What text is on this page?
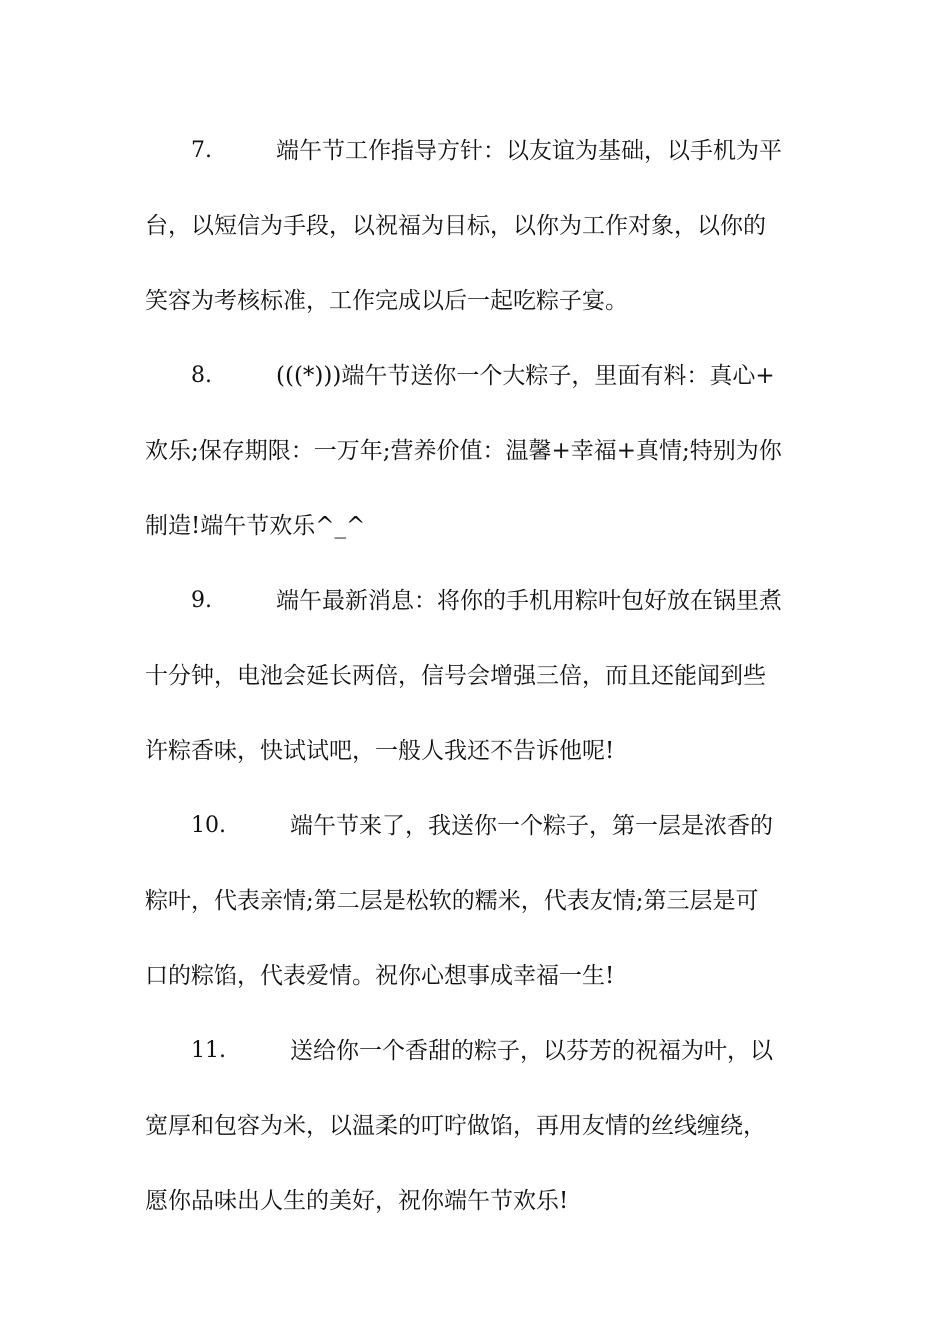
7.	端午节工作指导方针：以友谊为基础，以手机为平
台，以短信为手段，以祝福为目标，以你为工作对象，以你的
笑容为考核标准，工作完成以后一起吃粽子宴。
8.	(((*)))端午节送你一个大粽子，里面有料：真心+
欢乐;保存期限：一万年;营养价值：温馨+幸福+真情;特别为你
制造!端午节欢乐^_^
9.	端午最新消息：将你的手机用粽叶包好放在锅里煮
十分钟，电池会延长两倍，信号会增强三倍，而且还能闻到些
许粽香味，快试试吧，一般人我还不告诉他呢!
10.	端午节来了，我送你一个粽子，第一层是浓香的
粽叶，代表亲情;第二层是松软的糯米，代表友情;第三层是可
口的粽馅，代表爱情。祝你心想事成幸福一生!
11.	送给你一个香甜的粽子，以芬芳的祝福为叶，以
宽厚和包容为米，以温柔的叮咛做馅，再用友情的丝线缠绕，
愿你品味出人生的美好，祝你端午节欢乐!
